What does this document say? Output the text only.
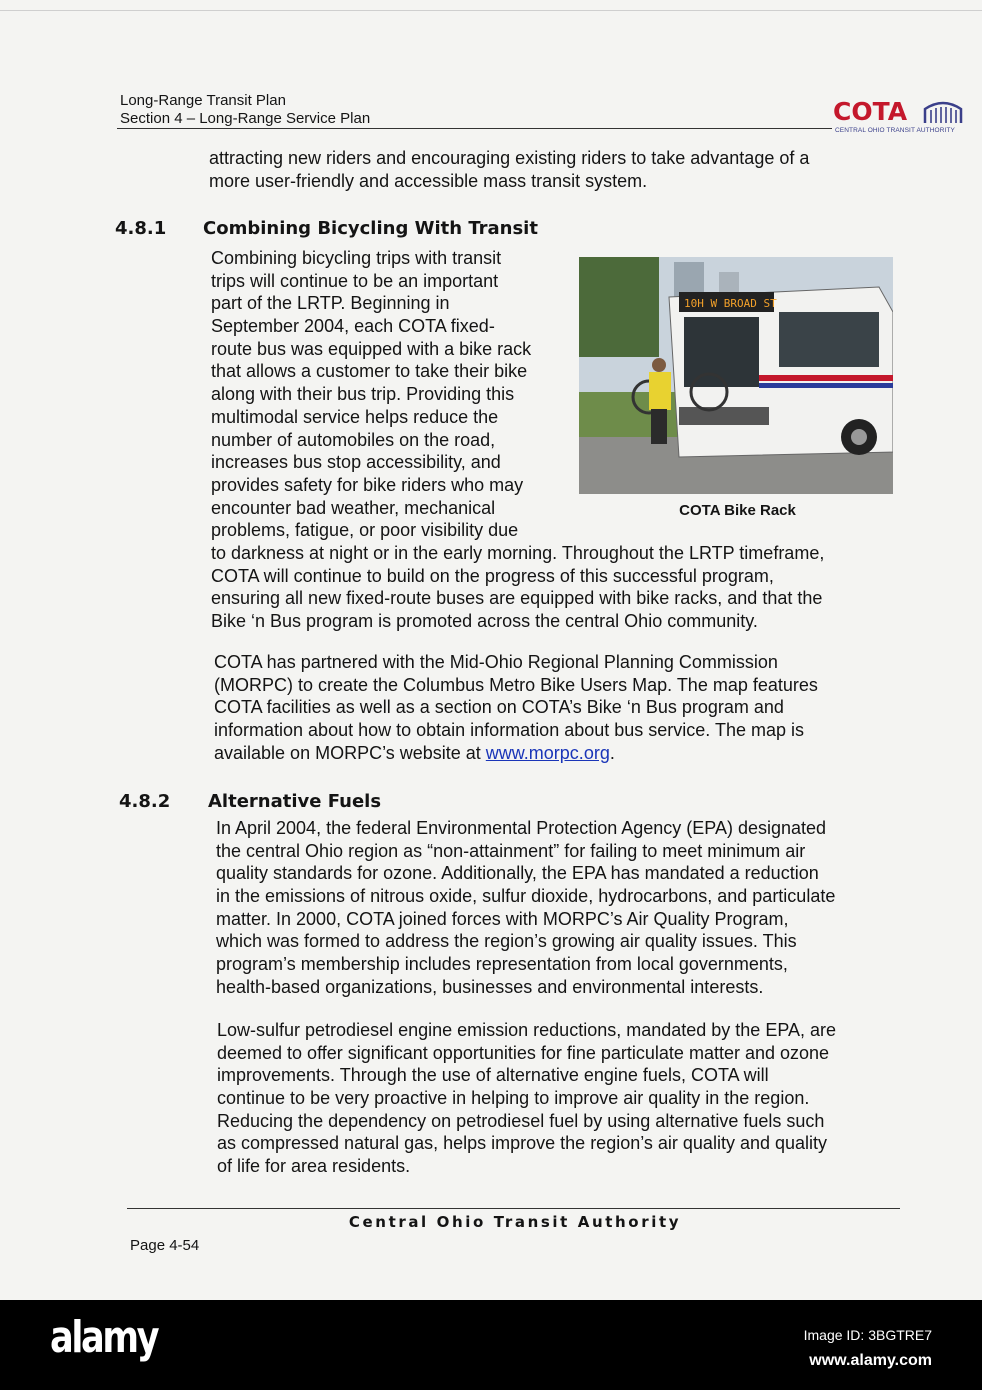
Long-Range Transit Plan
Section 4 – Long-Range Service Plan	COTA
CENTRAL OHIO TRANSIT AUTHORITY
attracting new riders and encouraging existing riders to take advantage of a
more user-friendly and accessible mass transit system.
4.8.1 Combining Bicycling With Transit
Combining bicycling trips with transit
trips will continue to be an important
part of the LRTP. Beginning in
September 2004, each COTA fixed-
route bus was equipped with a bike rack
that allows a customer to take their bike
along with their bus trip. Providing this
multimodal service helps reduce the
number of automobiles on the road,
increases bus stop accessibility, and
provides safety for bike riders who may
encounter bad weather, mechanical
problems, fatigue, or poor visibility due
to darkness at night or in the early morning. Throughout the LRTP timeframe,
COTA will continue to build on the progress of this successful program,
ensuring all new fixed-route buses are equipped with bike racks, and that the
Bike ‘n Bus program is promoted across the central Ohio community.
10H W BROAD ST
COTA Bike Rack
COTA has partnered with the Mid-Ohio Regional Planning Commission
(MORPC) to create the Columbus Metro Bike Users Map. The map features
COTA facilities as well as a section on COTA’s Bike ‘n Bus program and
information about how to obtain information about bus service. The map is
available on MORPC’s website at www.morpc.org.
4.8.2 Alternative Fuels
In April 2004, the federal Environmental Protection Agency (EPA) designated
the central Ohio region as “non-attainment” for failing to meet minimum air
quality standards for ozone. Additionally, the EPA has mandated a reduction
in the emissions of nitrous oxide, sulfur dioxide, hydrocarbons, and particulate
matter. In 2000, COTA joined forces with MORPC’s Air Quality Program,
which was formed to address the region’s growing air quality issues. This
program’s membership includes representation from local governments,
health-based organizations, businesses and environmental interests.
Low-sulfur petrodiesel engine emission reductions, mandated by the EPA, are
deemed to offer significant opportunities for fine particulate matter and ozone
improvements. Through the use of alternative engine fuels, COTA will
continue to be very proactive in helping to improve air quality in the region.
Reducing the dependency on petrodiesel fuel by using alternative fuels such
as compressed natural gas, helps improve the region’s air quality and quality
of life for area residents.
Central Ohio Transit Authority
Page 4-54
alamy	Image ID: 3BGTRE7
www.alamy.com
